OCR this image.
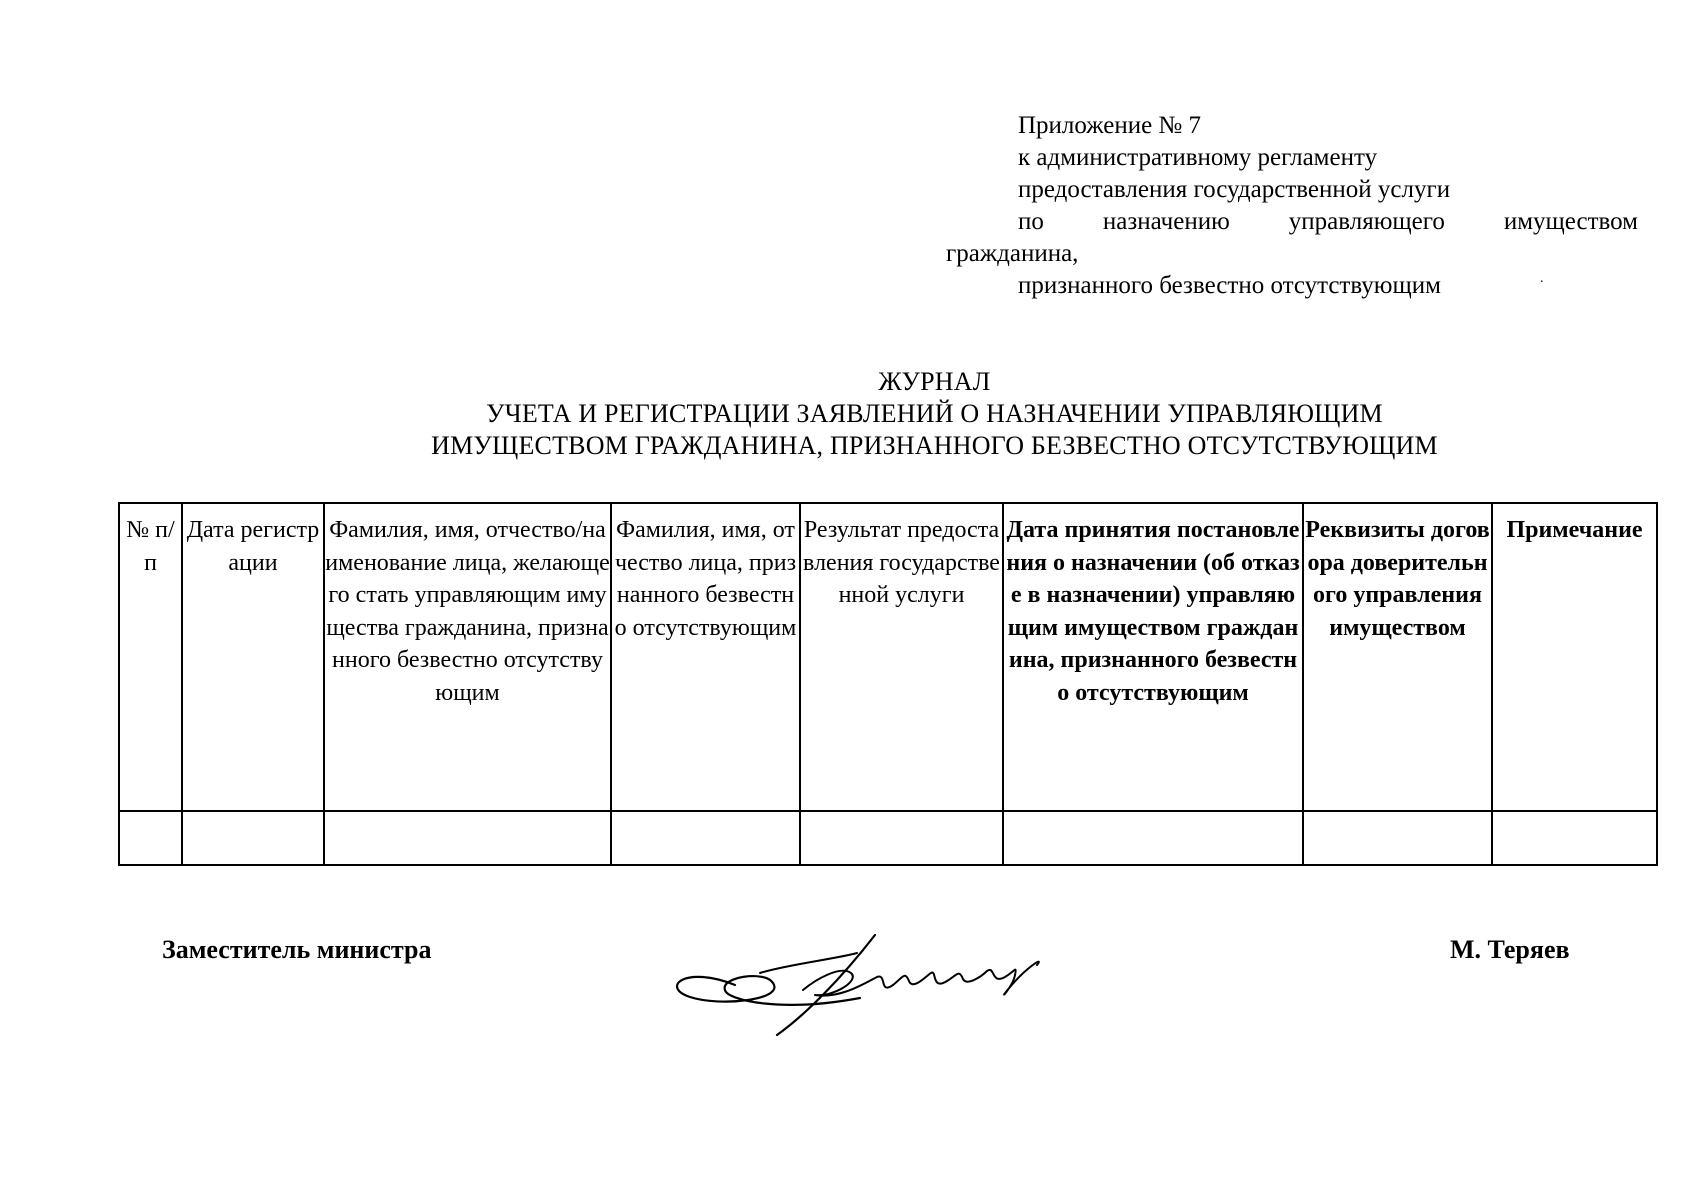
Приложение № 7
к административному регламенту
предоставления государственной услуги
по назначению управляющего имуществом
гражданина,
признанного безвестно отсутствующим	.
ЖУРНАЛ
УЧЕТА И РЕГИСТРАЦИИ ЗАЯВЛЕНИЙ О НАЗНАЧЕНИИ УПРАВЛЯЮЩИМ
ИМУЩЕСТВОМ ГРАЖДАНИНА, ПРИЗНАННОГО БЕЗВЕСТНО ОТСУТСТВУЮЩИМ
№ п/п	Дата регистрации	Фамилия, имя, отчество/наименование лица, желающего стать управляющим имущества гражданина, признанного безвестно отсутствующим	Фамилия, имя, отчество лица, признанного безвестно отсутствующим	Результат предоставления государственной услуги	Дата принятия постановления о назначении (об отказе в назначении) управляющим имуществом гражданина, признанного безвестно отсутствующим	Реквизиты договора доверительного управления имуществом	Примечание

Заместитель министра	М. Теряев
